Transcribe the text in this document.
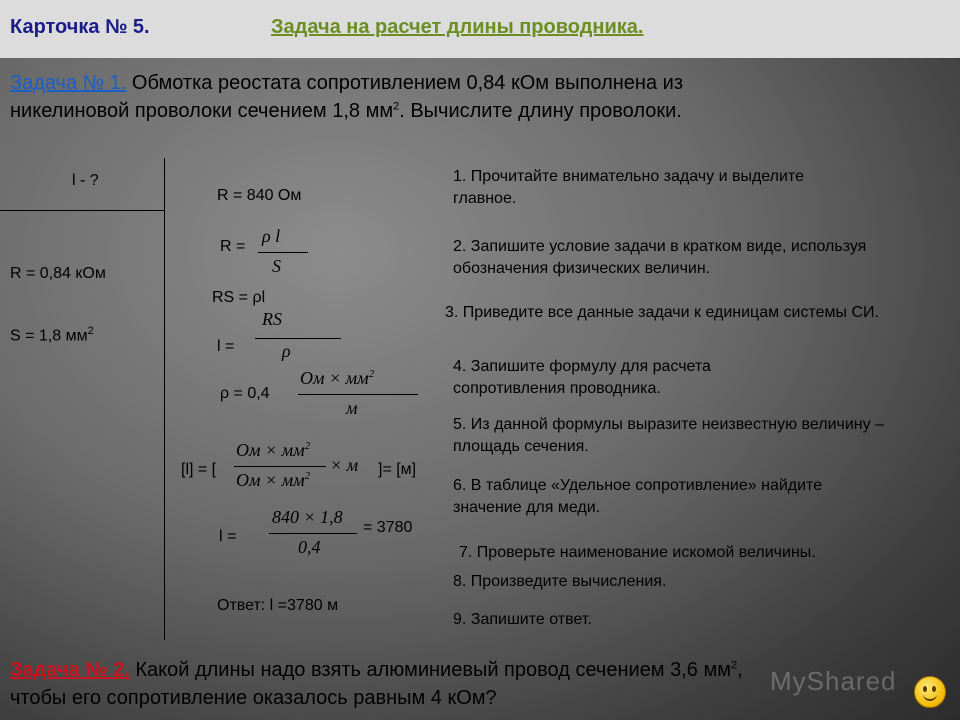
Карточка № 5.	Задача на расчет длины проводника.
Задача № 1. Обмотка реостата сопротивлением 0,84 кОм выполнена из
никелиновой проволоки сечением 1,8 $мм^2$. Вычислите длину проволоки.
l - ?
R = 0,84 кОм
S = 1,8 $мм^2$
R = 840 Ом
R =
ρ l
S
RS = ρl
l =
RS
ρ
ρ = 0,4
Ом × $мм^2$
м
[l] = [
Ом × $мм^2$
Ом × $мм^2$
× м ]= [м]
l =
840 × 1,8
0,4
= 3780
Ответ: l =3780 м
1. Прочитайте внимательно задачу и выделите главное.
2. Запишите условие задачи в кратком виде, используя обозначения физических величин.
3. Приведите все данные задачи к единицам системы СИ.
4. Запишите формулу для расчета сопротивления проводника.
5. Из данной формулы выразите неизвестную величину – площадь сечения.
6. В таблице «Удельное сопротивление» найдите значение для меди.
7. Проверьте наименование искомой величины.
8. Произведите вычисления.
9. Запишите ответ.
Задача № 2. Какой длины надо взять алюминиевый провод сечением 3,6 $мм^2$,
чтобы его сопротивление оказалось равным 4 кОм?
MyShared
